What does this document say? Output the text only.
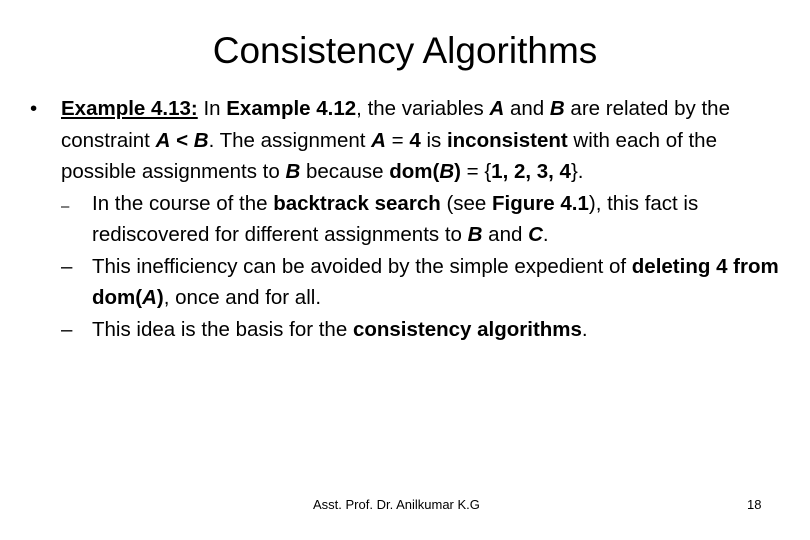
Consistency Algorithms
• Example 4.13: In Example 4.12, the variables A and B are related by the constraint A < B. The assignment A = 4 is inconsistent with each of the possible assignments to B because dom(B) = {1, 2, 3, 4}.
– In the course of the backtrack search (see Figure 4.1), this fact is rediscovered for different assignments to B and C.
– This inefficiency can be avoided by the simple expedient of deleting 4 from dom(A), once and for all.
– This idea is the basis for the consistency algorithms.
Asst. Prof. Dr. Anilkumar K.G	18
